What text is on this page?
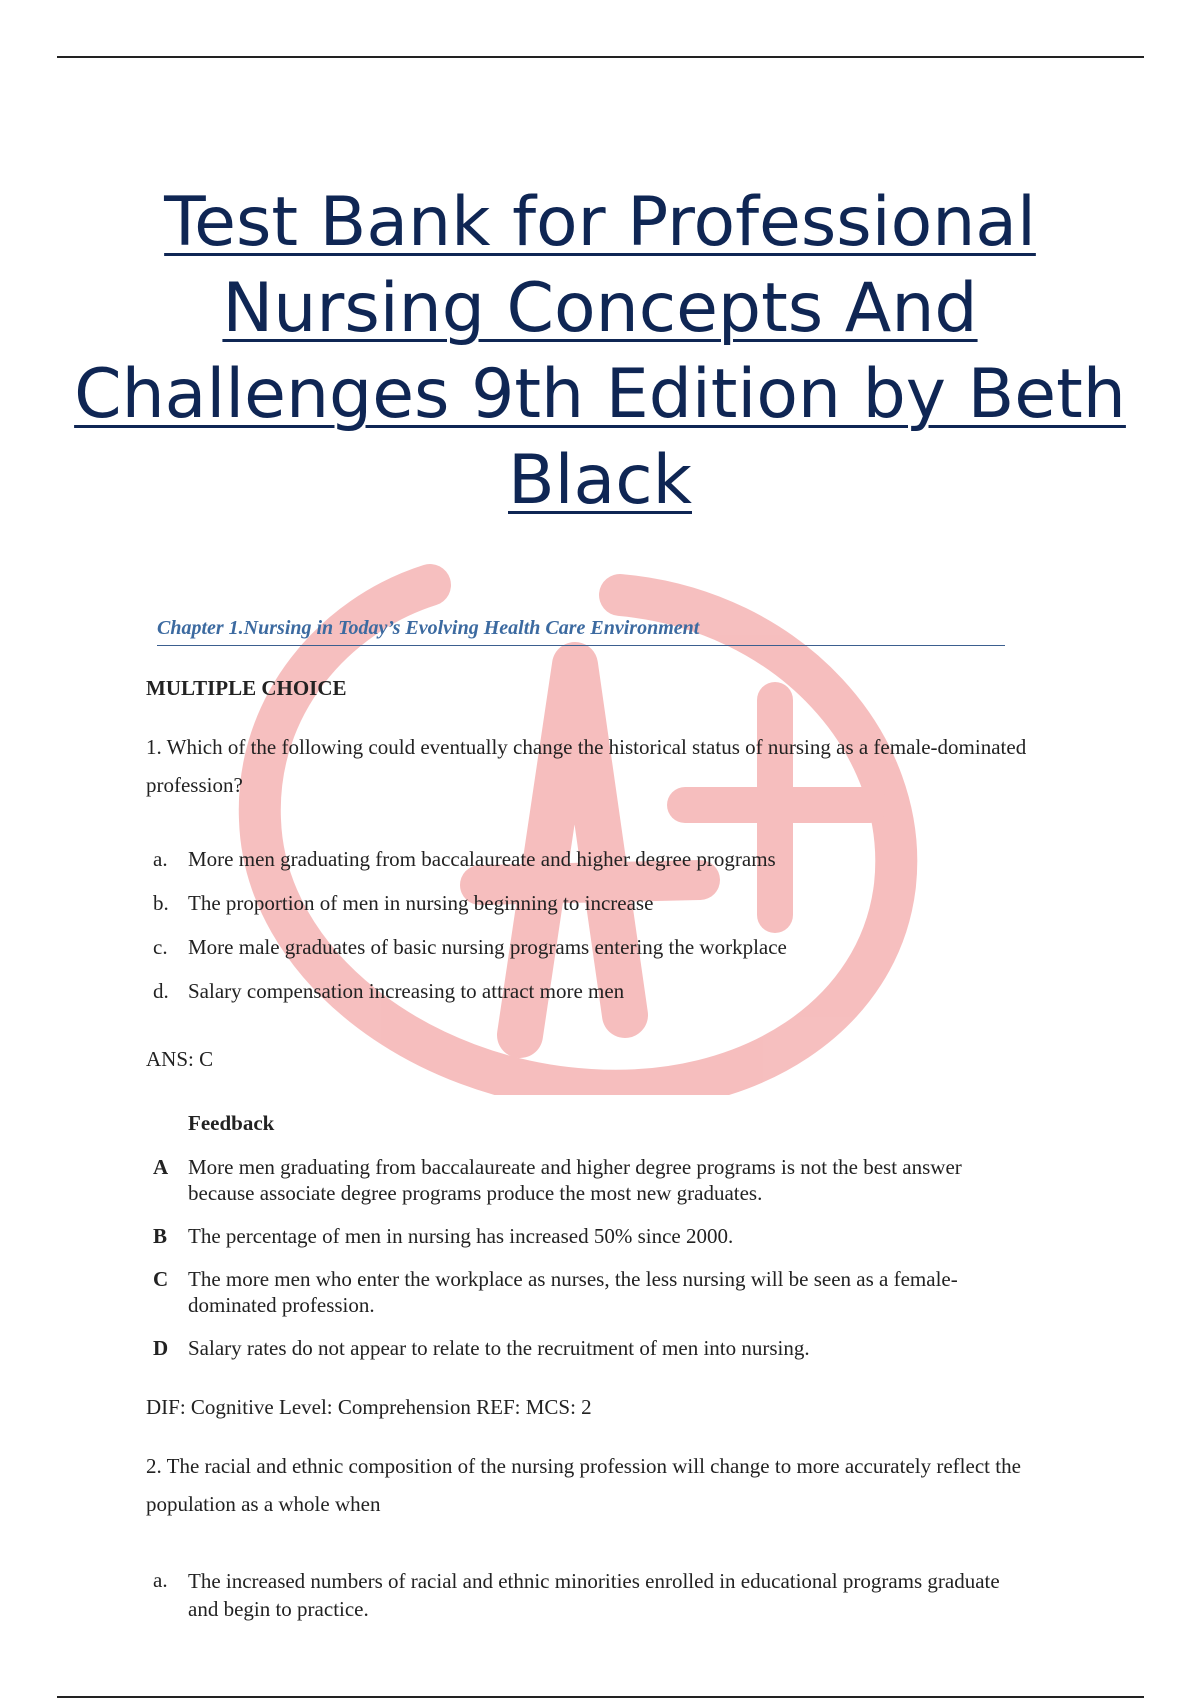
Test Bank for Professional
Nursing Concepts And
Challenges 9th Edition by Beth
Black
Chapter 1.Nursing in Today’s Evolving Health Care Environment

MULTIPLE CHOICE

1. Which of the following could eventually change the historical status of nursing as a female-dominated profession?

a. More men graduating from baccalaureate and higher degree programs
b. The proportion of men in nursing beginning to increase
c. More male graduates of basic nursing programs entering the workplace
d. Salary compensation increasing to attract more men

ANS: C

Feedback

A More men graduating from baccalaureate and higher degree programs is not the best answer because associate degree programs produce the most new graduates.
B The percentage of men in nursing has increased 50% since 2000.
C The more men who enter the workplace as nurses, the less nursing will be seen as a female-dominated profession.
D Salary rates do not appear to relate to the recruitment of men into nursing.

DIF: Cognitive Level: Comprehension REF: MCS: 2

2. The racial and ethnic composition of the nursing profession will change to more accurately reflect the population as a whole when

a. The increased numbers of racial and ethnic minorities enrolled in educational programs graduate and begin to practice.
